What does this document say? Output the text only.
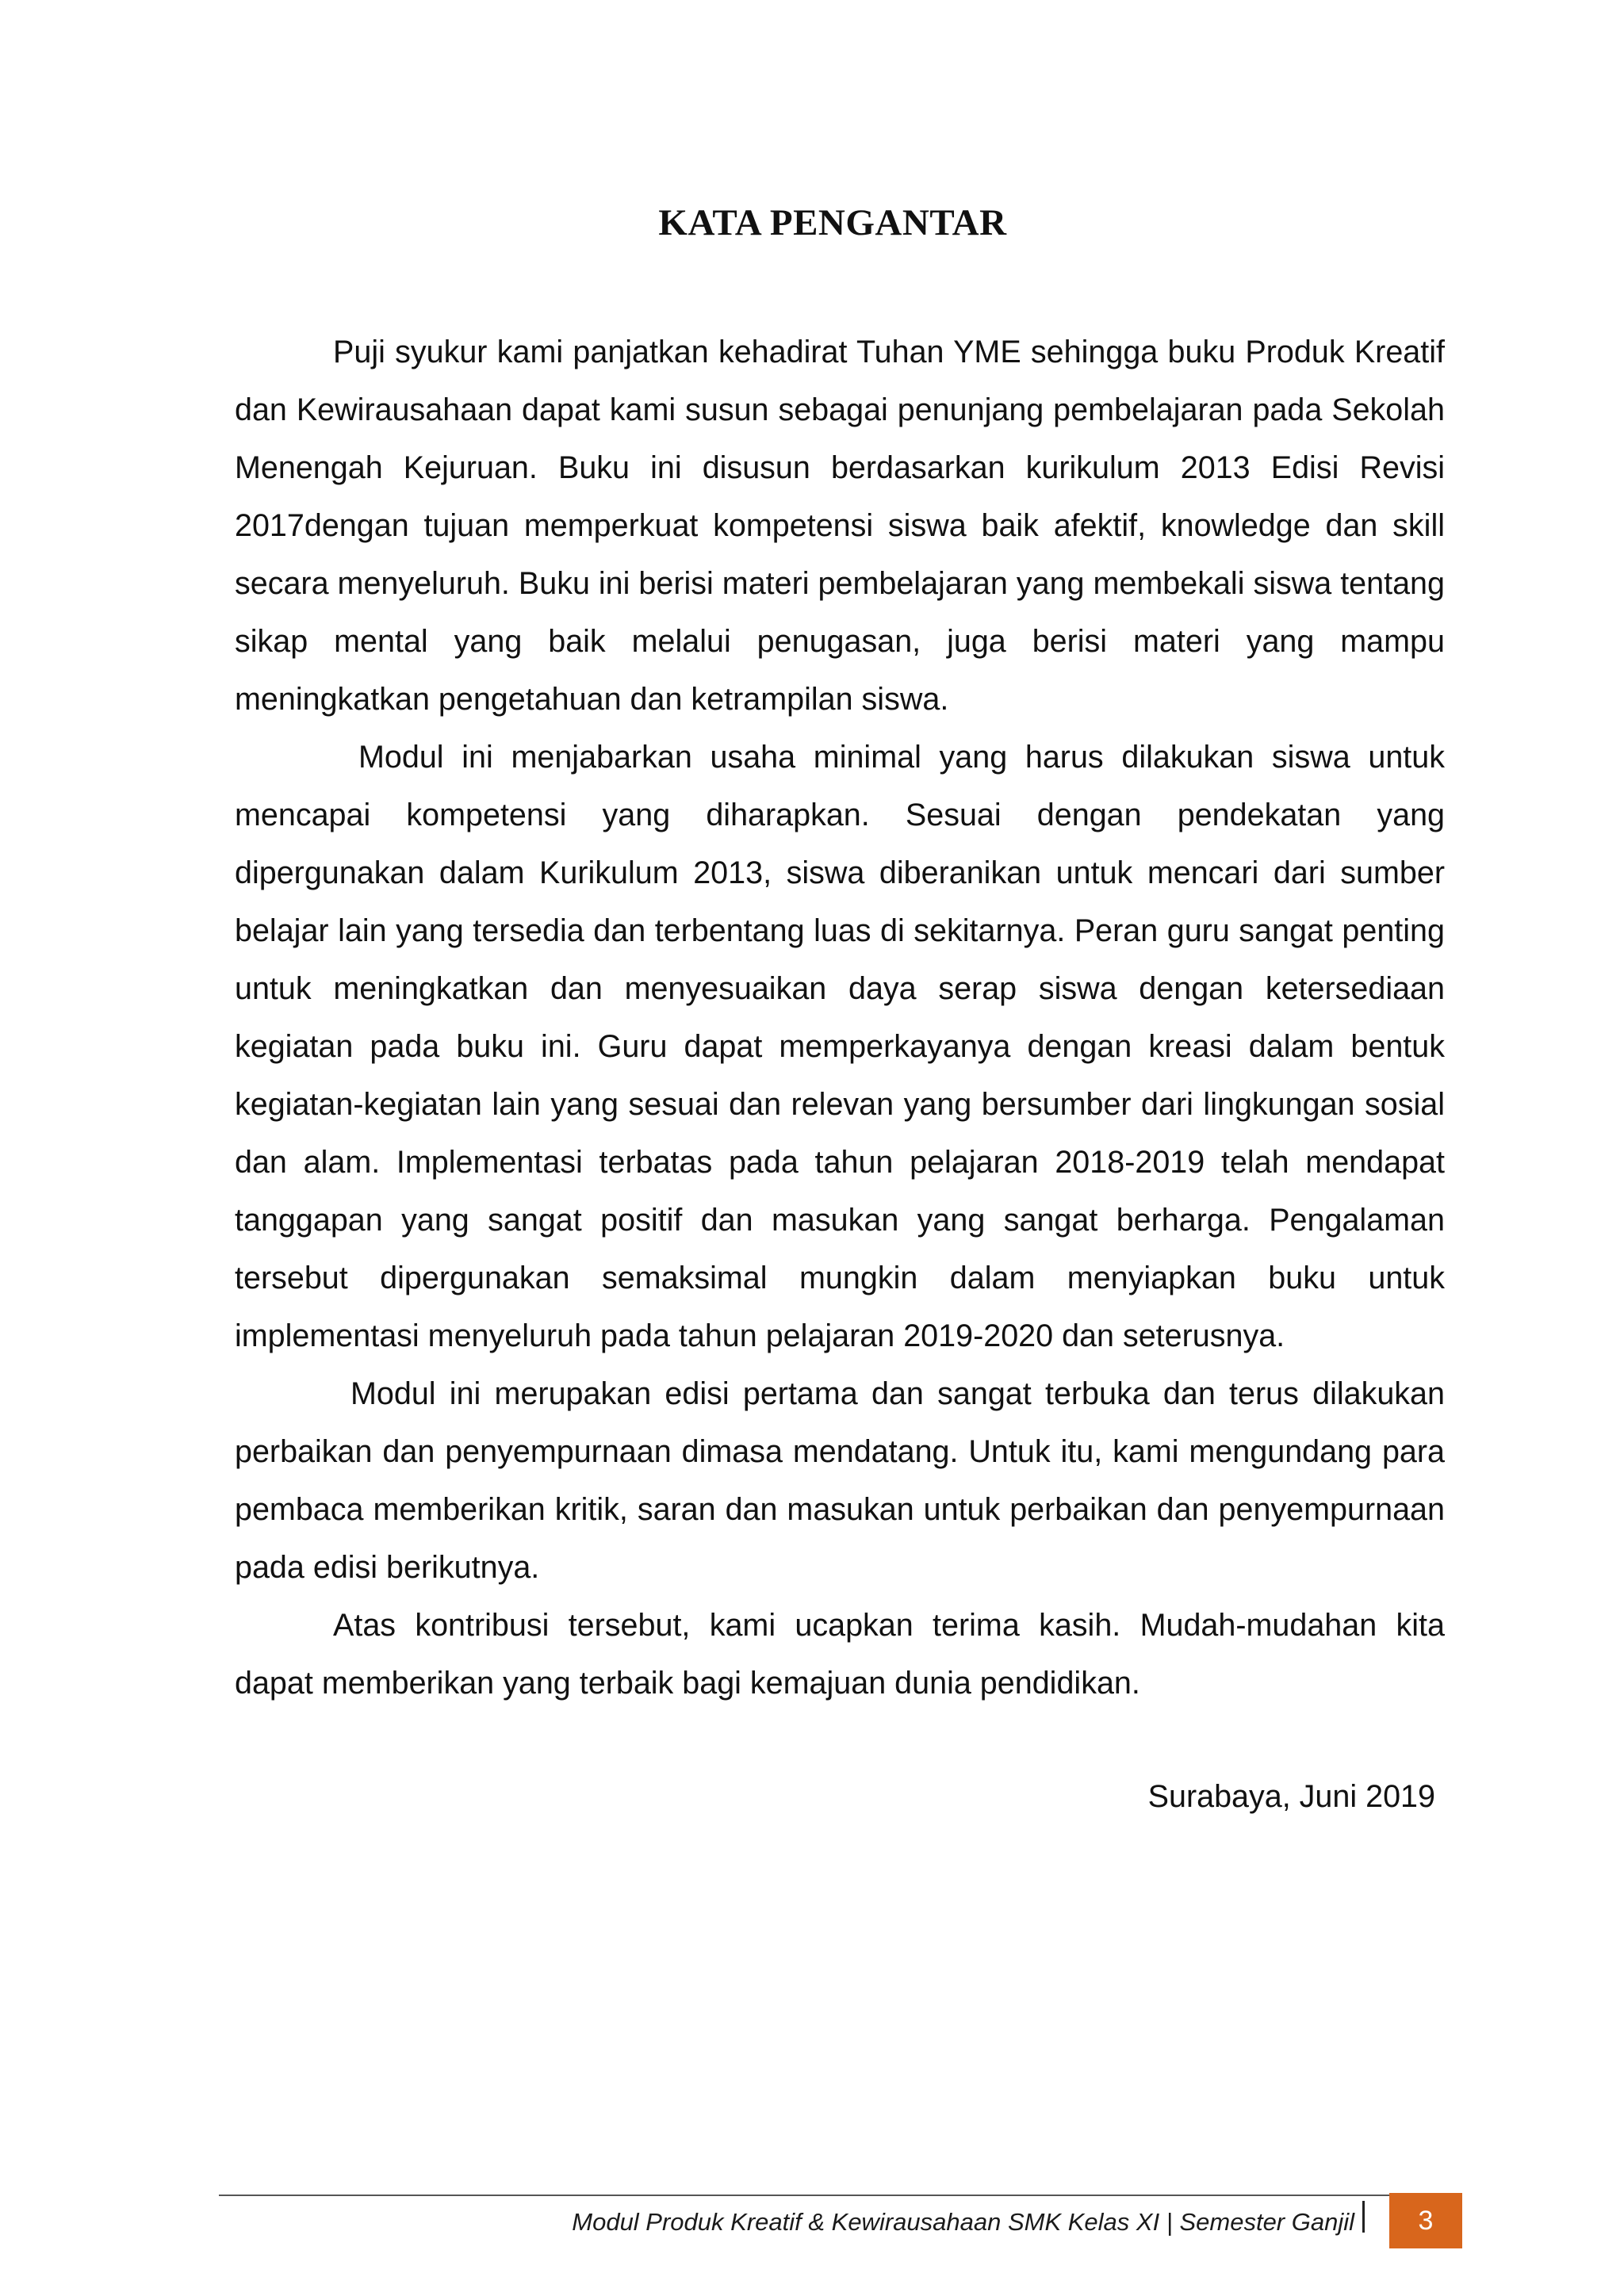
KATA PENGANTAR

Puji syukur kami panjatkan kehadirat Tuhan YME sehingga buku Produk Kreatif dan Kewirausahaan dapat kami susun sebagai penunjang pembelajaran pada Sekolah Menengah Kejuruan. Buku ini disusun berdasarkan kurikulum 2013 Edisi Revisi 2017dengan tujuan memperkuat kompetensi siswa baik afektif, knowledge dan skill secara menyeluruh. Buku ini berisi materi pembelajaran yang membekali siswa tentang sikap mental yang baik melalui penugasan, juga berisi materi yang mampu meningkatkan pengetahuan dan ketrampilan siswa.

Modul ini menjabarkan usaha minimal yang harus dilakukan siswa untuk mencapai kompetensi yang diharapkan. Sesuai dengan pendekatan yang dipergunakan dalam Kurikulum 2013, siswa diberanikan untuk mencari dari sumber belajar lain yang tersedia dan terbentang luas di sekitarnya. Peran guru sangat penting untuk meningkatkan dan menyesuaikan daya serap siswa dengan ketersediaan kegiatan pada buku ini. Guru dapat memperkayanya dengan kreasi dalam bentuk kegiatan-kegiatan lain yang sesuai dan relevan yang bersumber dari lingkungan sosial dan alam. Implementasi terbatas pada tahun pelajaran 2018-2019 telah mendapat tanggapan yang sangat positif dan masukan yang sangat berharga. Pengalaman tersebut dipergunakan semaksimal mungkin dalam menyiapkan buku untuk implementasi menyeluruh pada tahun pelajaran 2019-2020 dan seterusnya.

Modul ini merupakan edisi pertama dan sangat terbuka dan terus dilakukan perbaikan dan penyempurnaan dimasa mendatang. Untuk itu, kami mengundang para pembaca memberikan kritik, saran dan masukan untuk perbaikan dan penyempurnaan pada edisi berikutnya.

Atas kontribusi tersebut, kami ucapkan terima kasih. Mudah-mudahan kita dapat memberikan yang terbaik bagi kemajuan dunia pendidikan.

Surabaya, Juni 2019
Modul Produk Kreatif & Kewirausahaan SMK Kelas XI | Semester Ganjil	3
